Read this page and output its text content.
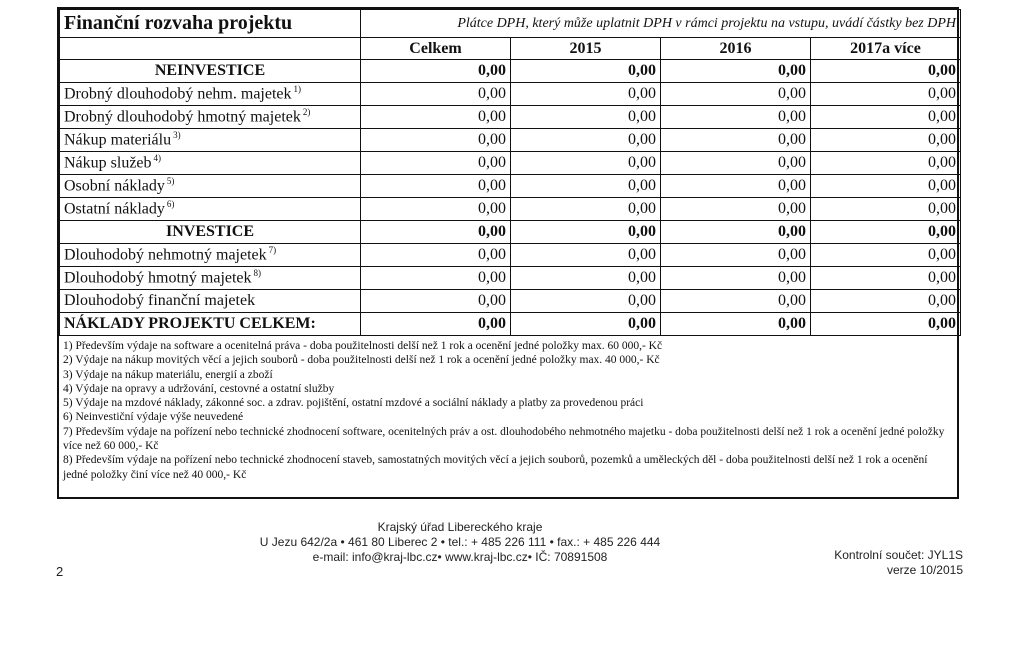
Finanční rozvaha projektu	Plátce DPH, který může uplatnit DPH v rámci projektu na vstupu, uvádí částky bez DPH			
	Celkem	2015	2016	2017a více
NEINVESTICE	0,00	0,00	0,00	0,00
Drobný dlouhodobý nehm. majetek $^{1)}$	0,00	0,00	0,00	0,00
Drobný dlouhodobý hmotný majetek $^{2)}$	0,00	0,00	0,00	0,00
Nákup materiálu $^{3)}$	0,00	0,00	0,00	0,00
Nákup služeb $^{4)}$	0,00	0,00	0,00	0,00
Osobní náklady $^{5)}$	0,00	0,00	0,00	0,00
Ostatní náklady $^{6)}$	0,00	0,00	0,00	0,00
INVESTICE	0,00	0,00	0,00	0,00
Dlouhodobý nehmotný majetek $^{7)}$	0,00	0,00	0,00	0,00
Dlouhodobý hmotný majetek $^{8)}$	0,00	0,00	0,00	0,00
Dlouhodobý finanční majetek	0,00	0,00	0,00	0,00
NÁKLADY PROJEKTU CELKEM:	0,00	0,00	0,00	0,00
1) Především výdaje na software a ocenitelná práva - doba použitelnosti delší než 1 rok a ocenění jedné položky max. 60 000,- Kč
2) Výdaje na nákup movitých věcí a jejich souborů - doba použitelnosti delší než 1 rok a ocenění jedné položky max. 40 000,- Kč
3) Výdaje na nákup materiálu, energií a zboží
4) Výdaje na opravy a udržování, cestovné a ostatní služby
5) Výdaje na mzdové náklady, zákonné soc. a zdrav. pojištění, ostatní mzdové a sociální náklady a platby za provedenou práci
6) Neinvestiční výdaje výše neuvedené
7) Především výdaje na pořízení nebo technické zhodnocení software, ocenitelných práv a ost. dlouhodobého nehmotného majetku - doba použitelnosti delší než 1 rok a ocenění jedné položky více než 60 000,- Kč
8) Především výdaje na pořízení nebo technické zhodnocení staveb, samostatných movitých věcí a jejich souborů, pozemků a uměleckých děl - doba použitelnosti delší než 1 rok a ocenění jedné položky činí více než 40 000,- Kč
2
Krajský úřad Libereckého kraje
U Jezu 642/2a • 461 80 Liberec 2 • tel.: + 485 226 111 • fax.: + 485 226 444
e-mail: info@kraj-lbc.cz• www.kraj-lbc.cz• IČ: 70891508	Kontrolní součet: JYL1S
verze 10/2015
